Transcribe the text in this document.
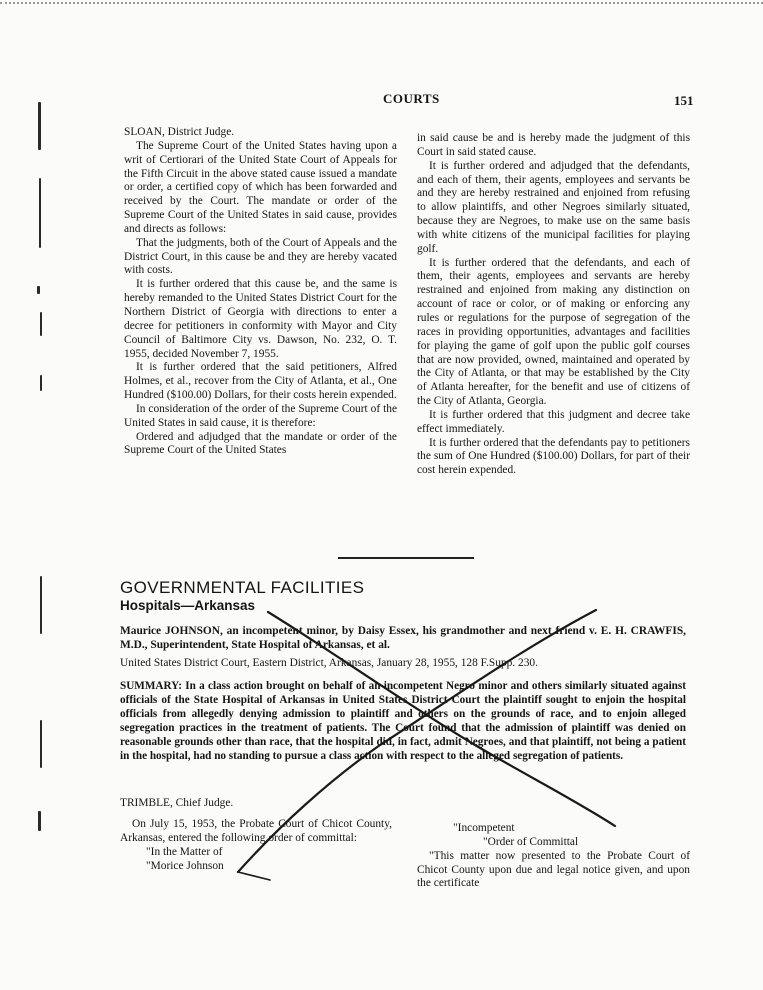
COURTS	151

SLOAN, District Judge.

The Supreme Court of the United States having upon a writ of Certiorari of the United State Court of Appeals for the Fifth Circuit in the above stated cause issued a mandate or order, a certified copy of which has been forwarded and received by the Court. The mandate or order of the Supreme Court of the United States in said cause, provides and directs as follows:

That the judgments, both of the Court of Appeals and the District Court, in this cause be and they are hereby vacated with costs.

It is further ordered that this cause be, and the same is hereby remanded to the United States District Court for the Northern District of Georgia with directions to enter a decree for petitioners in conformity with Mayor and City Council of Baltimore City vs. Dawson, No. 232, O. T. 1955, decided November 7, 1955.

It is further ordered that the said petitioners, Alfred Holmes, et al., recover from the City of Atlanta, et al., One Hundred ($100.00) Dollars, for their costs herein expended.

In consideration of the order of the Supreme Court of the United States in said cause, it is therefore:

Ordered and adjudged that the mandate or order of the Supreme Court of the United States

in said cause be and is hereby made the judgment of this Court in said stated cause.

It is further ordered and adjudged that the defendants, and each of them, their agents, employees and servants be and they are hereby restrained and enjoined from refusing to allow plaintiffs, and other Negroes similarly situated, because they are Negroes, to make use on the same basis with white citizens of the municipal facilities for playing golf.

It is further ordered that the defendants, and each of them, their agents, employees and servants are hereby restrained and enjoined from making any distinction on account of race or color, or of making or enforcing any rules or regulations for the purpose of segregation of the races in providing opportunities, advantages and facilities for playing the game of golf upon the public golf courses that are now provided, owned, maintained and operated by the City of Atlanta, or that may be established by the City of Atlanta hereafter, for the benefit and use of citizens of the City of Atlanta, Georgia.

It is further ordered that this judgment and decree take effect immediately.

It is further ordered that the defendants pay to petitioners the sum of One Hundred ($100.00) Dollars, for part of their cost herein expended.

GOVERNMENTAL FACILITIES
Hospitals—Arkansas
Maurice JOHNSON, an incompetent minor, by Daisy Essex, his grandmother and next friend v. E. H. CRAWFIS, M.D., Superintendent, State Hospital of Arkansas, et al.
United States District Court, Eastern District, Arkansas, January 28, 1955, 128 F.Supp. 230.
SUMMARY: In a class action brought on behalf of an incompetent Negro minor and others similarly situated against officials of the State Hospital of Arkansas in United States District Court the plaintiff sought to enjoin the hospital officials from allegedly denying admission to plaintiff and others on the grounds of race, and to enjoin alleged segregation practices in the treatment of patients. The Court found that the admission of plaintiff was denied on reasonable grounds other than race, that the hospital did, in fact, admit Negroes, and that plaintiff, not being a patient in the hospital, had no standing to pursue a class action with respect to the alleged segregation of patients.
TRIMBLE, Chief Judge.

On July 15, 1953, the Probate Court of Chicot County, Arkansas, entered the following order of committal:

"In the Matter of

"Morice Johnson

"Incompetent

"Order of Committal

"This matter now presented to the Probate Court of Chicot County upon due and legal notice given, and upon the certificate
